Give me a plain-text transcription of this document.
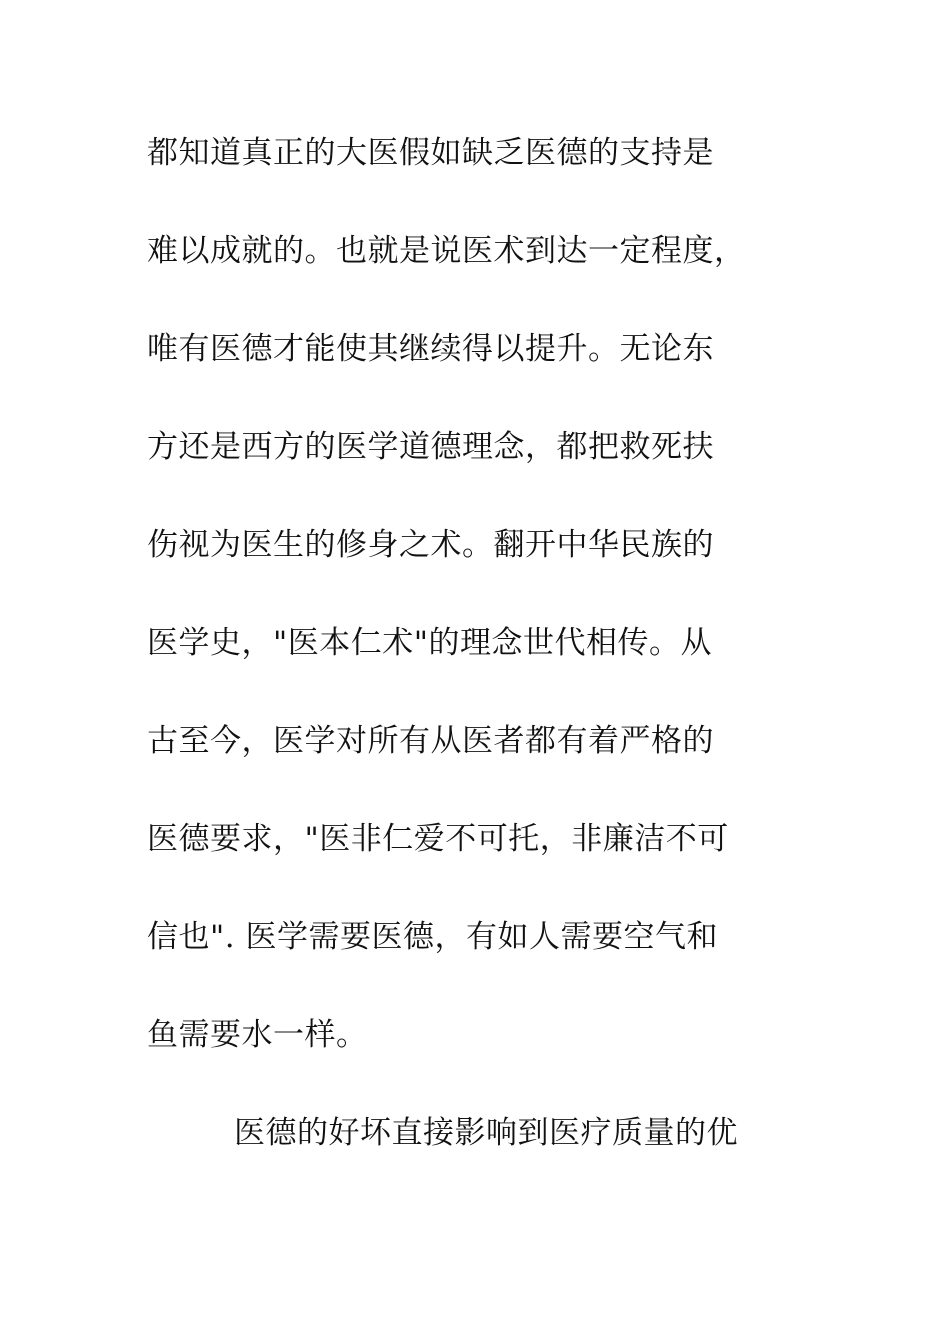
都知道真正的大医假如缺乏医德的支持是
难以成就的。也就是说医术到达一定程度，
唯有医德才能使其继续得以提升。无论东
方还是西方的医学道德理念，都把救死扶
伤视为医生的修身之术。翻开中华民族的
医学史，"医本仁术"的理念世代相传。从
古至今，医学对所有从医者都有着严格的
医德要求，"医非仁爱不可托，非廉洁不可
信也". 医学需要医德，有如人需要空气和
鱼需要水一样。
医德的好坏直接影响到医疗质量的优
